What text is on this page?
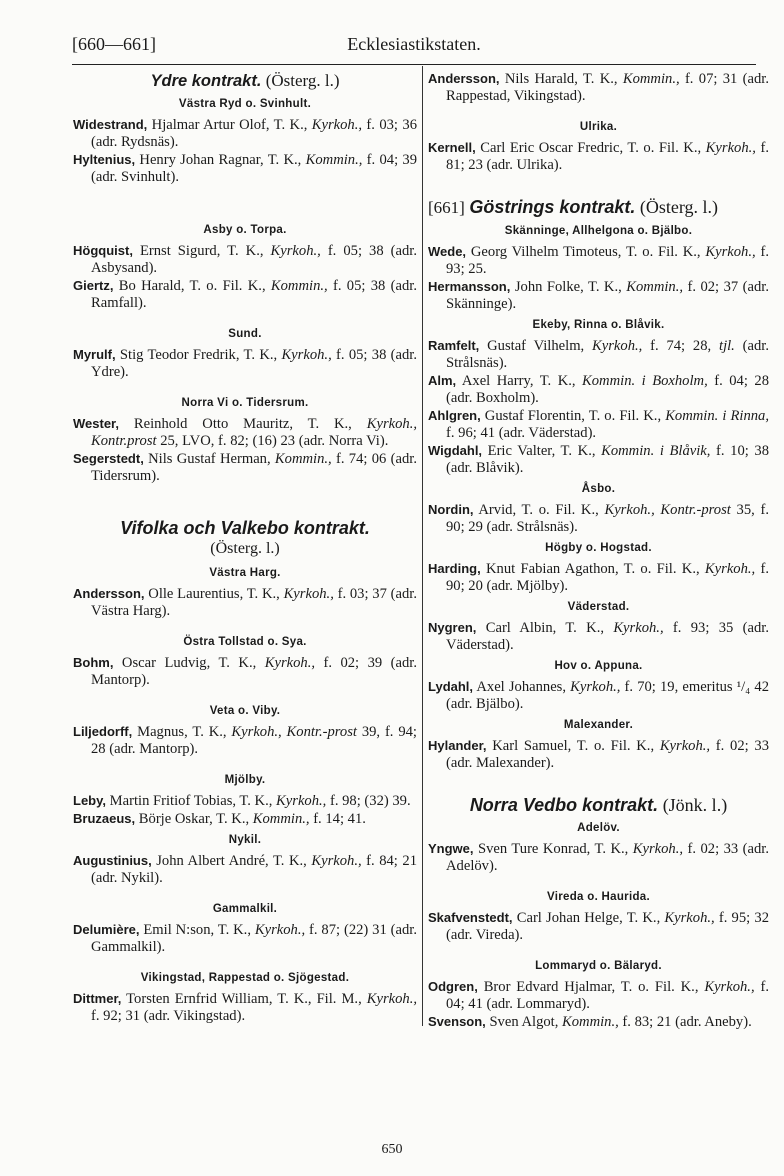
[660—661]	Ecklesiastikstaten.
Ydre kontrakt. (Österg. l.)
Västra Ryd o. Svinhult.

Widestrand, Hjalmar Artur Olof, T. K., Kyrkoh., f. 03; 36 (adr. Rydsnäs).

Hyltenius, Henry Johan Ragnar, T. K., Kommin., f. 04; 39 (adr. Svinhult).

Asby o. Torpa.

Högquist, Ernst Sigurd, T. K., Kyrkoh., f. 05; 38 (adr. Asbysand).

Giertz, Bo Harald, T. o. Fil. K., Kommin., f. 05; 38 (adr. Ramfall).

Sund.

Myrulf, Stig Teodor Fredrik, T. K., Kyrkoh., f. 05; 38 (adr. Ydre).

Norra Vi o. Tidersrum.

Wester, Reinhold Otto Mauritz, T. K., Kyrkoh., Kontr.prost 25, LVO, f. 82; (16) 23 (adr. Norra Vi).

Segerstedt, Nils Gustaf Herman, Kommin., f. 74; 06 (adr. Tidersrum).

Vifolka och Valkebo kontrakt.
(Österg. l.)
Västra Harg.

Andersson, Olle Laurentius, T. K., Kyrkoh., f. 03; 37 (adr. Västra Harg).

Östra Tollstad o. Sya.

Bohm, Oscar Ludvig, T. K., Kyrkoh., f. 02; 39 (adr. Mantorp).

Veta o. Viby.

Liljedorff, Magnus, T. K., Kyrkoh., Kontr.-prost 39, f. 94; 28 (adr. Mantorp).

Mjölby.

Leby, Martin Fritiof Tobias, T. K., Kyrkoh., f. 98; (32) 39.

Bruzaeus, Börje Oskar, T. K., Kommin., f. 14; 41.

Nykil.

Augustinius, John Albert André, T. K., Kyrkoh., f. 84; 21 (adr. Nykil).

Gammalkil.

Delumière, Emil N:son, T. K., Kyrkoh., f. 87; (22) 31 (adr. Gammalkil).

Vikingstad, Rappestad o. Sjögestad.

Dittmer, Torsten Ernfrid William, T. K., Fil. M., Kyrkoh., f. 92; 31 (adr. Vikingstad).

Andersson, Nils Harald, T. K., Kommin., f. 07; 31 (adr. Rappestad, Vikingstad).

Ulrika.

Kernell, Carl Eric Oscar Fredric, T. o. Fil. K., Kyrkoh., f. 81; 23 (adr. Ulrika).

[661] Göstrings kontrakt. (Österg. l.)
Skänninge, Allhelgona o. Bjälbo.

Wede, Georg Vilhelm Timoteus, T. o. Fil. K., Kyrkoh., f. 93; 25.

Hermansson, John Folke, T. K., Kommin., f. 02; 37 (adr. Skänninge).

Ekeby, Rinna o. Blåvik.

Ramfelt, Gustaf Vilhelm, Kyrkoh., f. 74; 28, tjl. (adr. Strålsnäs).

Alm, Axel Harry, T. K., Kommin. i Boxholm, f. 04; 28 (adr. Boxholm).

Ahlgren, Gustaf Florentin, T. o. Fil. K., Kommin. i Rinna, f. 96; 41 (adr. Väderstad).

Wigdahl, Eric Valter, T. K., Kommin. i Blåvik, f. 10; 38 (adr. Blåvik).

Åsbo.

Nordin, Arvid, T. o. Fil. K., Kyrkoh., Kontr.-prost 35, f. 90; 29 (adr. Strålsnäs).

Högby o. Hogstad.

Harding, Knut Fabian Agathon, T. o. Fil. K., Kyrkoh., f. 90; 20 (adr. Mjölby).

Väderstad.

Nygren, Carl Albin, T. K., Kyrkoh., f. 93; 35 (adr. Väderstad).

Hov o. Appuna.

Lydahl, Axel Johannes, Kyrkoh., f. 70; 19, emeritus ¹/₄ 42 (adr. Bjälbo).

Malexander.

Hylander, Karl Samuel, T. o. Fil. K., Kyrkoh., f. 02; 33 (adr. Malexander).

Norra Vedbo kontrakt. (Jönk. l.)
Adelöv.

Yngwe, Sven Ture Konrad, T. K., Kyrkoh., f. 02; 33 (adr. Adelöv).

Vireda o. Haurida.

Skafvenstedt, Carl Johan Helge, T. K., Kyrkoh., f. 95; 32 (adr. Vireda).

Lommaryd o. Bälaryd.

Odgren, Bror Edvard Hjalmar, T. o. Fil. K., Kyrkoh., f. 04; 41 (adr. Lommaryd).

Svenson, Sven Algot, Kommin., f. 83; 21 (adr. Aneby).

650
